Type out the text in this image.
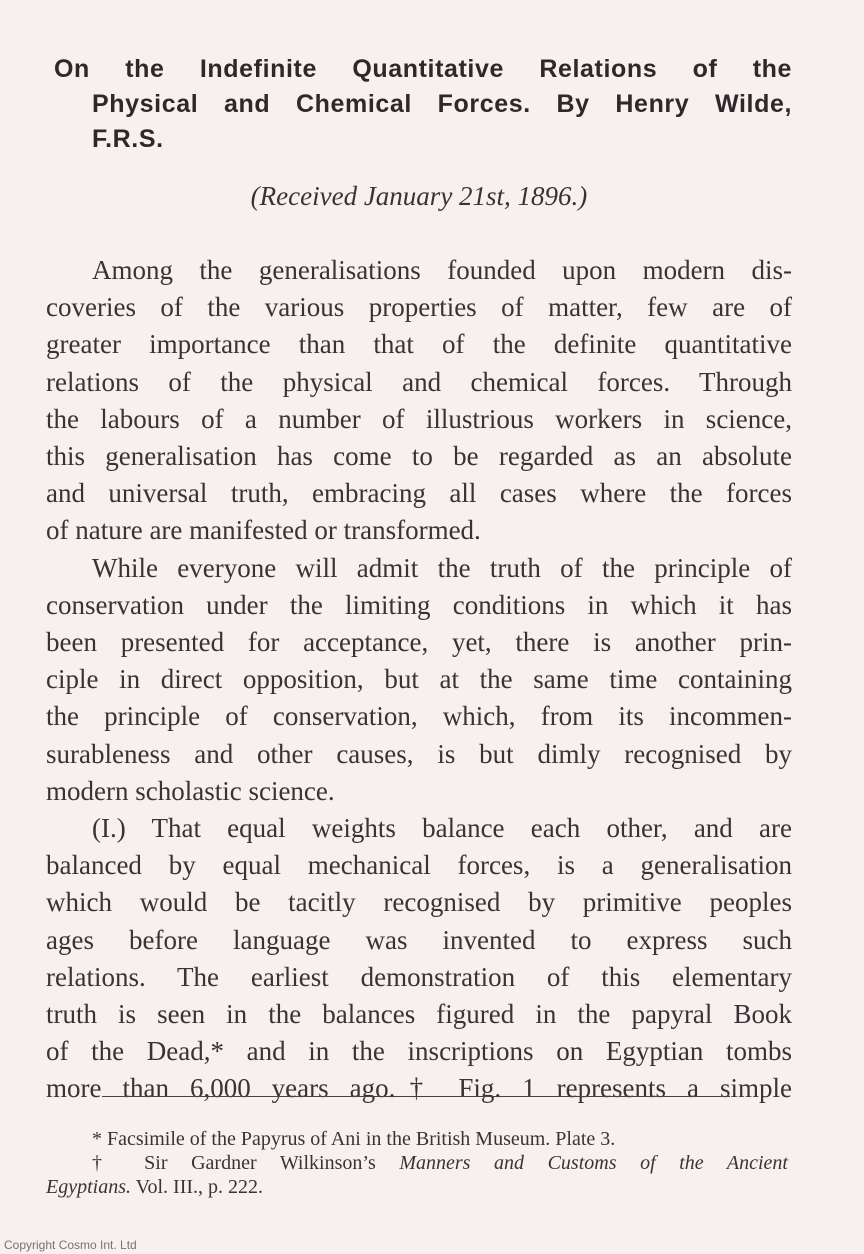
On the Indefinite Quantitative Relations of the
Physical and Chemical Forces. By Henry Wilde,
F.R.S.
(Received January 21st, 1896.)
Among the generalisations founded upon modern dis-
coveries of the various properties of matter, few are of
greater importance than that of the definite quantitative
relations of the physical and chemical forces. Through
the labours of a number of illustrious workers in science,
this generalisation has come to be regarded as an absolute
and universal truth, embracing all cases where the forces
of nature are manifested or transformed.
While everyone will admit the truth of the principle of
conservation under the limiting conditions in which it has
been presented for acceptance, yet, there is another prin-
ciple in direct opposition, but at the same time containing
the principle of conservation, which, from its incommen-
surableness and other causes, is but dimly recognised by
modern scholastic science.
(I.) That equal weights balance each other, and are
balanced by equal mechanical forces, is a generalisation
which would be tacitly recognised by primitive peoples
ages before language was invented to express such
relations. The earliest demonstration of this elementary
truth is seen in the balances figured in the papyral Book
of the Dead,* and in the inscriptions on Egyptian tombs
more than 6,000 years ago.† Fig. 1 represents a simple
* Facsimile of the Papyrus of Ani in the British Museum. Plate 3.
† Sir Gardner Wilkinson’s Manners and Customs of the Ancient
Egyptians. Vol. III., p. 222.
Copyright Cosmo Int. Ltd
